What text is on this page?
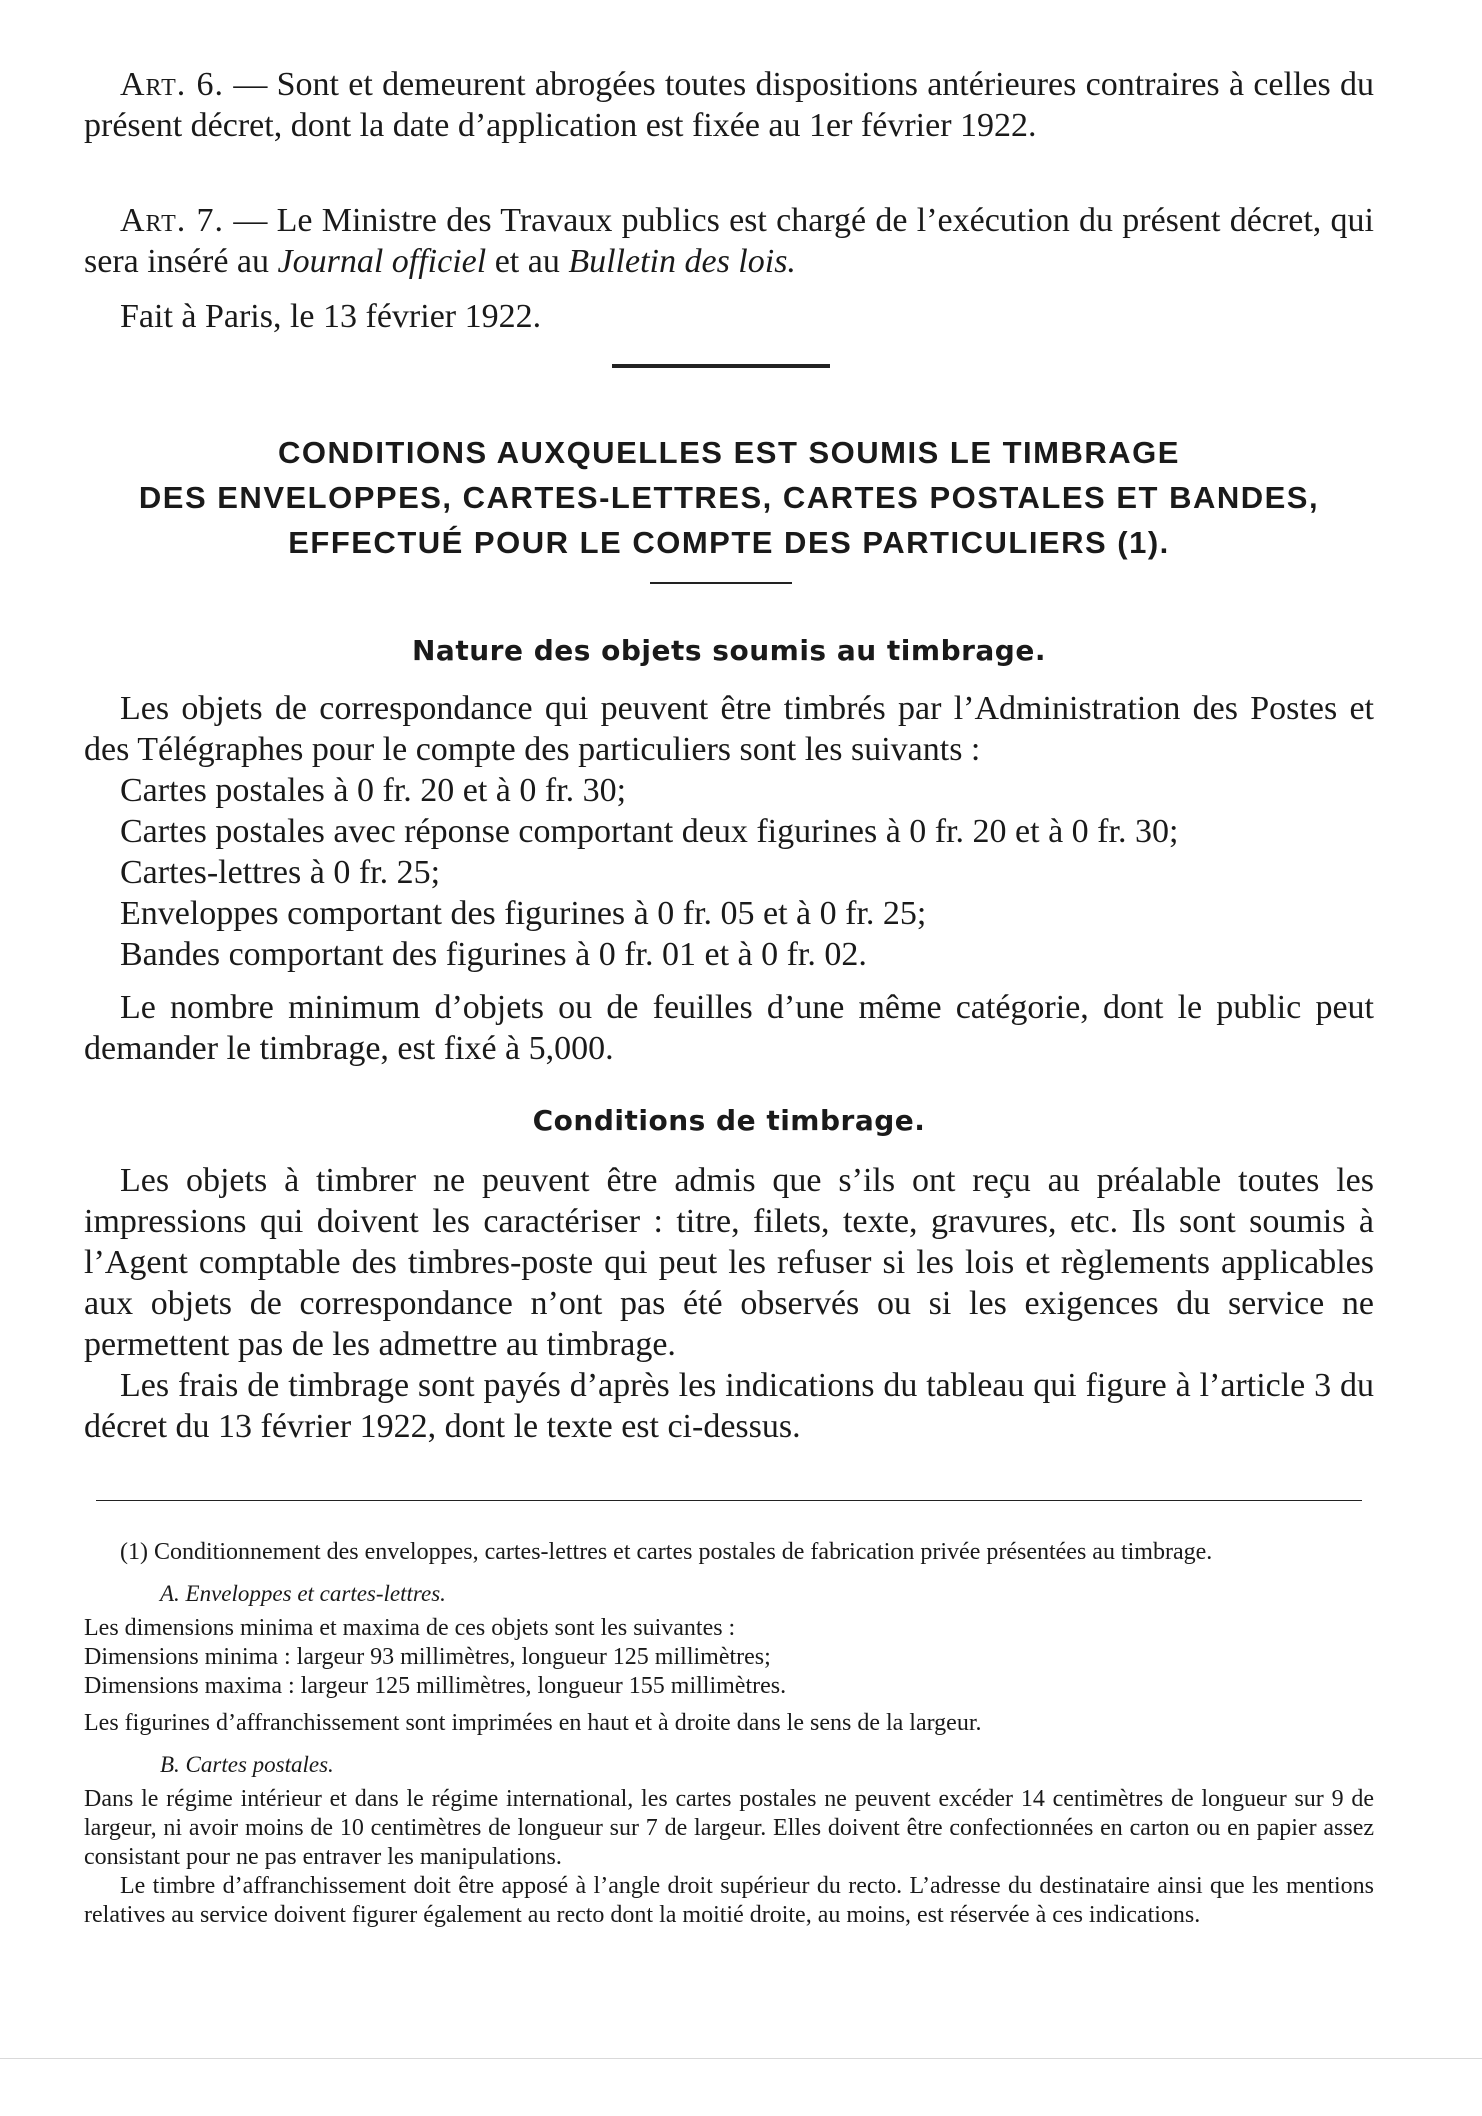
Art. 6. — Sont et demeurent abrogées toutes dispositions antérieures contraires à celles du présent décret, dont la date d’application est fixée au 1er février 1922.

Art. 7. — Le Ministre des Travaux publics est chargé de l’exécution du présent décret, qui sera inséré au Journal officiel et au Bulletin des lois.

Fait à Paris, le 13 février 1922.

CONDITIONS AUXQUELLES EST SOUMIS LE TIMBRAGE
DES ENVELOPPES, CARTES-LETTRES, CARTES POSTALES ET BANDES,
EFFECTUÉ POUR LE COMPTE DES PARTICULIERS (1).
Nature des objets soumis au timbrage.

Les objets de correspondance qui peuvent être timbrés par l’Administration des Postes et des Télégraphes pour le compte des particuliers sont les suivants :

Cartes postales à 0 fr. 20 et à 0 fr. 30;

Cartes postales avec réponse comportant deux figurines à 0 fr. 20 et à 0 fr. 30;

Cartes-lettres à 0 fr. 25;

Enveloppes comportant des figurines à 0 fr. 05 et à 0 fr. 25;

Bandes comportant des figurines à 0 fr. 01 et à 0 fr. 02.

Le nombre minimum d’objets ou de feuilles d’une même catégorie, dont le public peut demander le timbrage, est fixé à 5,000.

Conditions de timbrage.

Les objets à timbrer ne peuvent être admis que s’ils ont reçu au préalable toutes les impressions qui doivent les caractériser : titre, filets, texte, gravures, etc. Ils sont soumis à l’Agent comptable des timbres-poste qui peut les refuser si les lois et règlements applicables aux objets de correspondance n’ont pas été observés ou si les exigences du service ne permettent pas de les admettre au timbrage.

Les frais de timbrage sont payés d’après les indications du tableau qui figure à l’article 3 du décret du 13 février 1922, dont le texte est ci-dessus.

(1) Conditionnement des enveloppes, cartes-lettres et cartes postales de fabrication privée présentées au timbrage.

A. Enveloppes et cartes-lettres.

Les dimensions minima et maxima de ces objets sont les suivantes :

Dimensions minima : largeur 93 millimètres, longueur 125 millimètres;

Dimensions maxima : largeur 125 millimètres, longueur 155 millimètres.

Les figurines d’affranchissement sont imprimées en haut et à droite dans le sens de la largeur.

B. Cartes postales.

Dans le régime intérieur et dans le régime international, les cartes postales ne peuvent excéder 14 centimètres de longueur sur 9 de largeur, ni avoir moins de 10 centimètres de longueur sur 7 de largeur. Elles doivent être confectionnées en carton ou en papier assez consistant pour ne pas entraver les manipulations.

Le timbre d’affranchissement doit être apposé à l’angle droit supérieur du recto. L’adresse du destinataire ainsi que les mentions relatives au service doivent figurer également au recto dont la moitié droite, au moins, est réservée à ces indications.
